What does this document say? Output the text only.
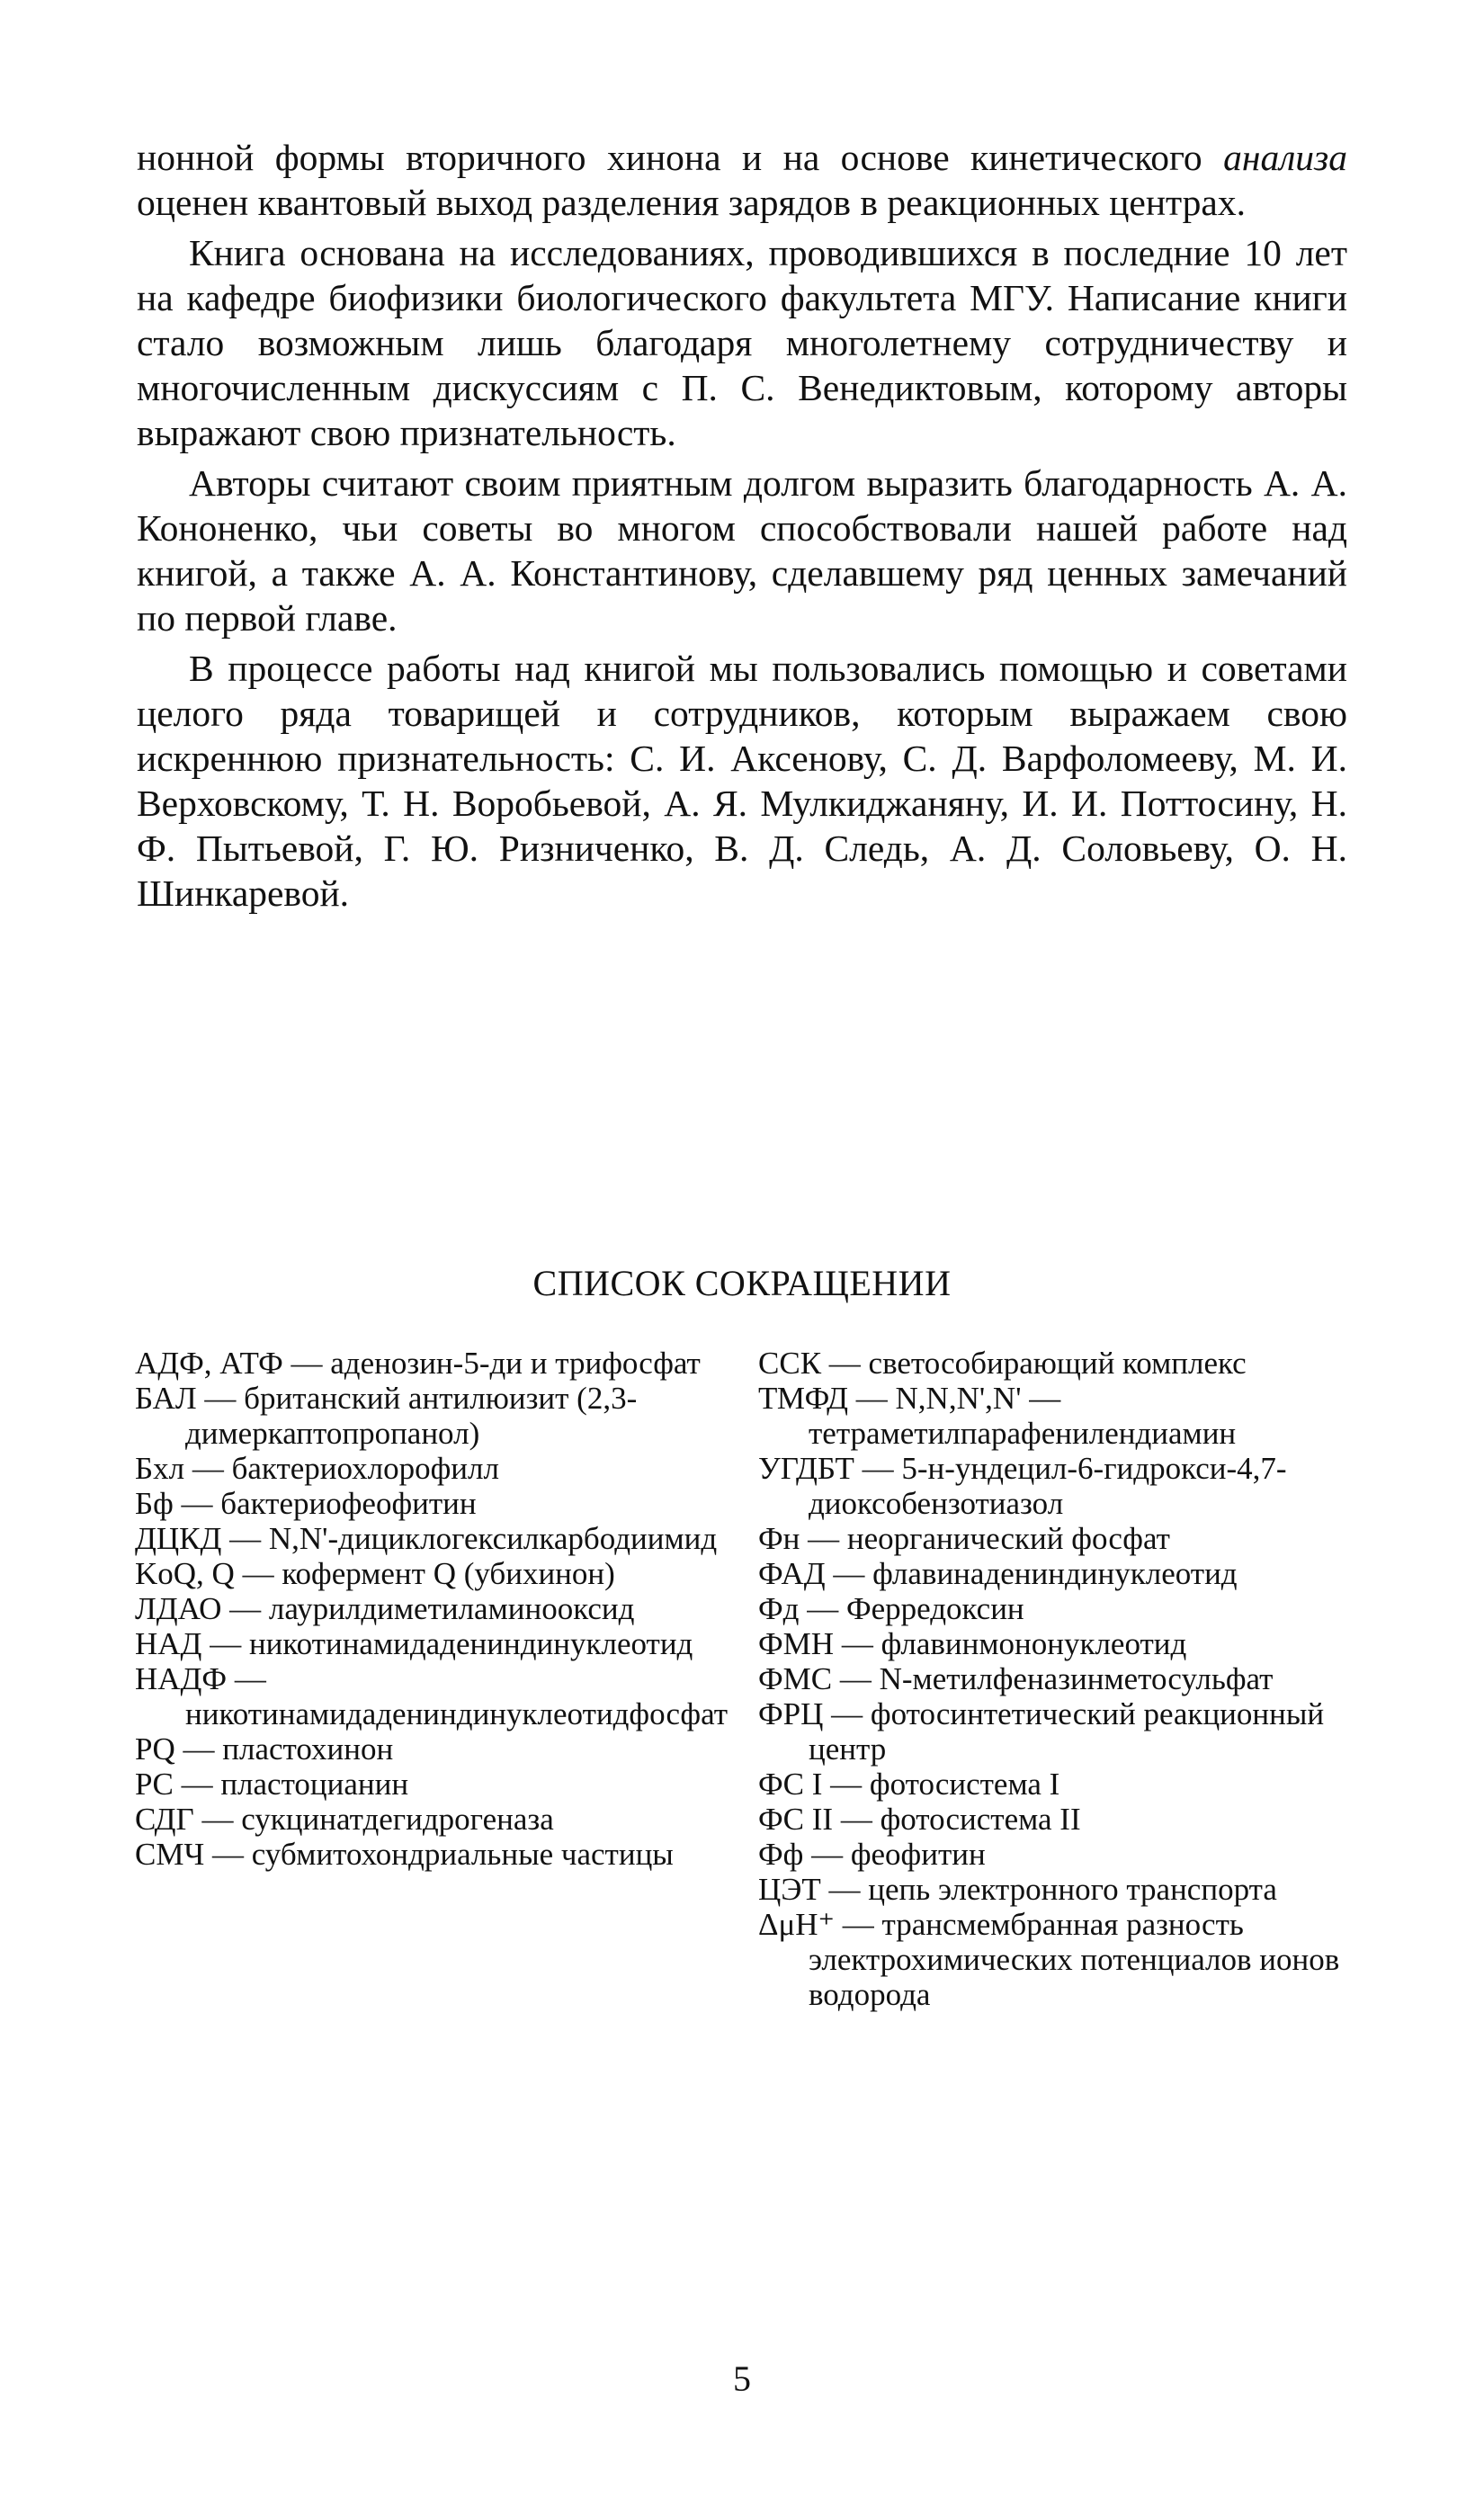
нонной формы вторичного хинона и на основе кинетического анализа оценен квантовый выход разделения зарядов в реакционных центрах.

Книга основана на исследованиях, проводившихся в последние 10 лет на кафедре биофизики биологического факультета МГУ. Написание книги стало возможным лишь благодаря многолетнему сотрудничеству и многочисленным дискуссиям с П. С. Венедиктовым, которому авторы выражают свою признательность.

Авторы считают своим приятным долгом выразить благодарность А. А. Кононенко, чьи советы во многом способствовали нашей работе над книгой, а также А. А. Константинову, сделавшему ряд ценных замечаний по первой главе.

В процессе работы над книгой мы пользовались помощью и советами целого ряда товарищей и сотрудников, которым выражаем свою искреннюю признательность: С. И. Аксенову, С. Д. Варфоломееву, М. И. Верховскому, Т. Н. Воробьевой, А. Я. Мулкиджаняну, И. И. Поттосину, Н. Ф. Пытьевой, Г. Ю. Ризниченко, В. Д. Следь, А. Д. Соловьеву, О. Н. Шинкаревой.

СПИСОК СОКРАЩЕНИИ

АДФ, АТФ — аденозин-5-ди и трифосфат

БАЛ — британский антилюизит (2,3-димеркаптопропанол)

Бхл — бактериохлорофилл

Бф — бактериофеофитин

ДЦКД — N,N'-дициклогексилкарбодиимид

KoQ, Q — кофермент Q (убихинон)

ЛДАО — лаурилдиметиламинооксид

НАД — никотинамидадениндинуклеотид

НАДФ — никотинамидадениндинуклеотидфосфат

PQ — пластохинон

PC — пластоцианин

СДГ — сукцинатдегидрогеназа

СМЧ — субмитохондриальные частицы

ССК — светособирающий комплекс

ТМФД — N,N,N',N' — тетраметилпарафенилендиамин

УГДБТ — 5-н-ундецил-6-гидрокси-4,7-диоксобензотиазол

Фн — неорганический фосфат

ФАД — флавинадениндинуклеотид

Фд — Ферредоксин

ФМН — флавинмононуклеотид

ФМС — N-метилфеназинметосульфат

ФРЦ — фотосинтетический реакционный центр

ФС I — фотосистема I

ФС II — фотосистема II

Фф — феофитин

ЦЭТ — цепь электронного транспорта

ΔμH⁺ — трансмембранная разность электрохимических потенциалов ионов водорода

5
